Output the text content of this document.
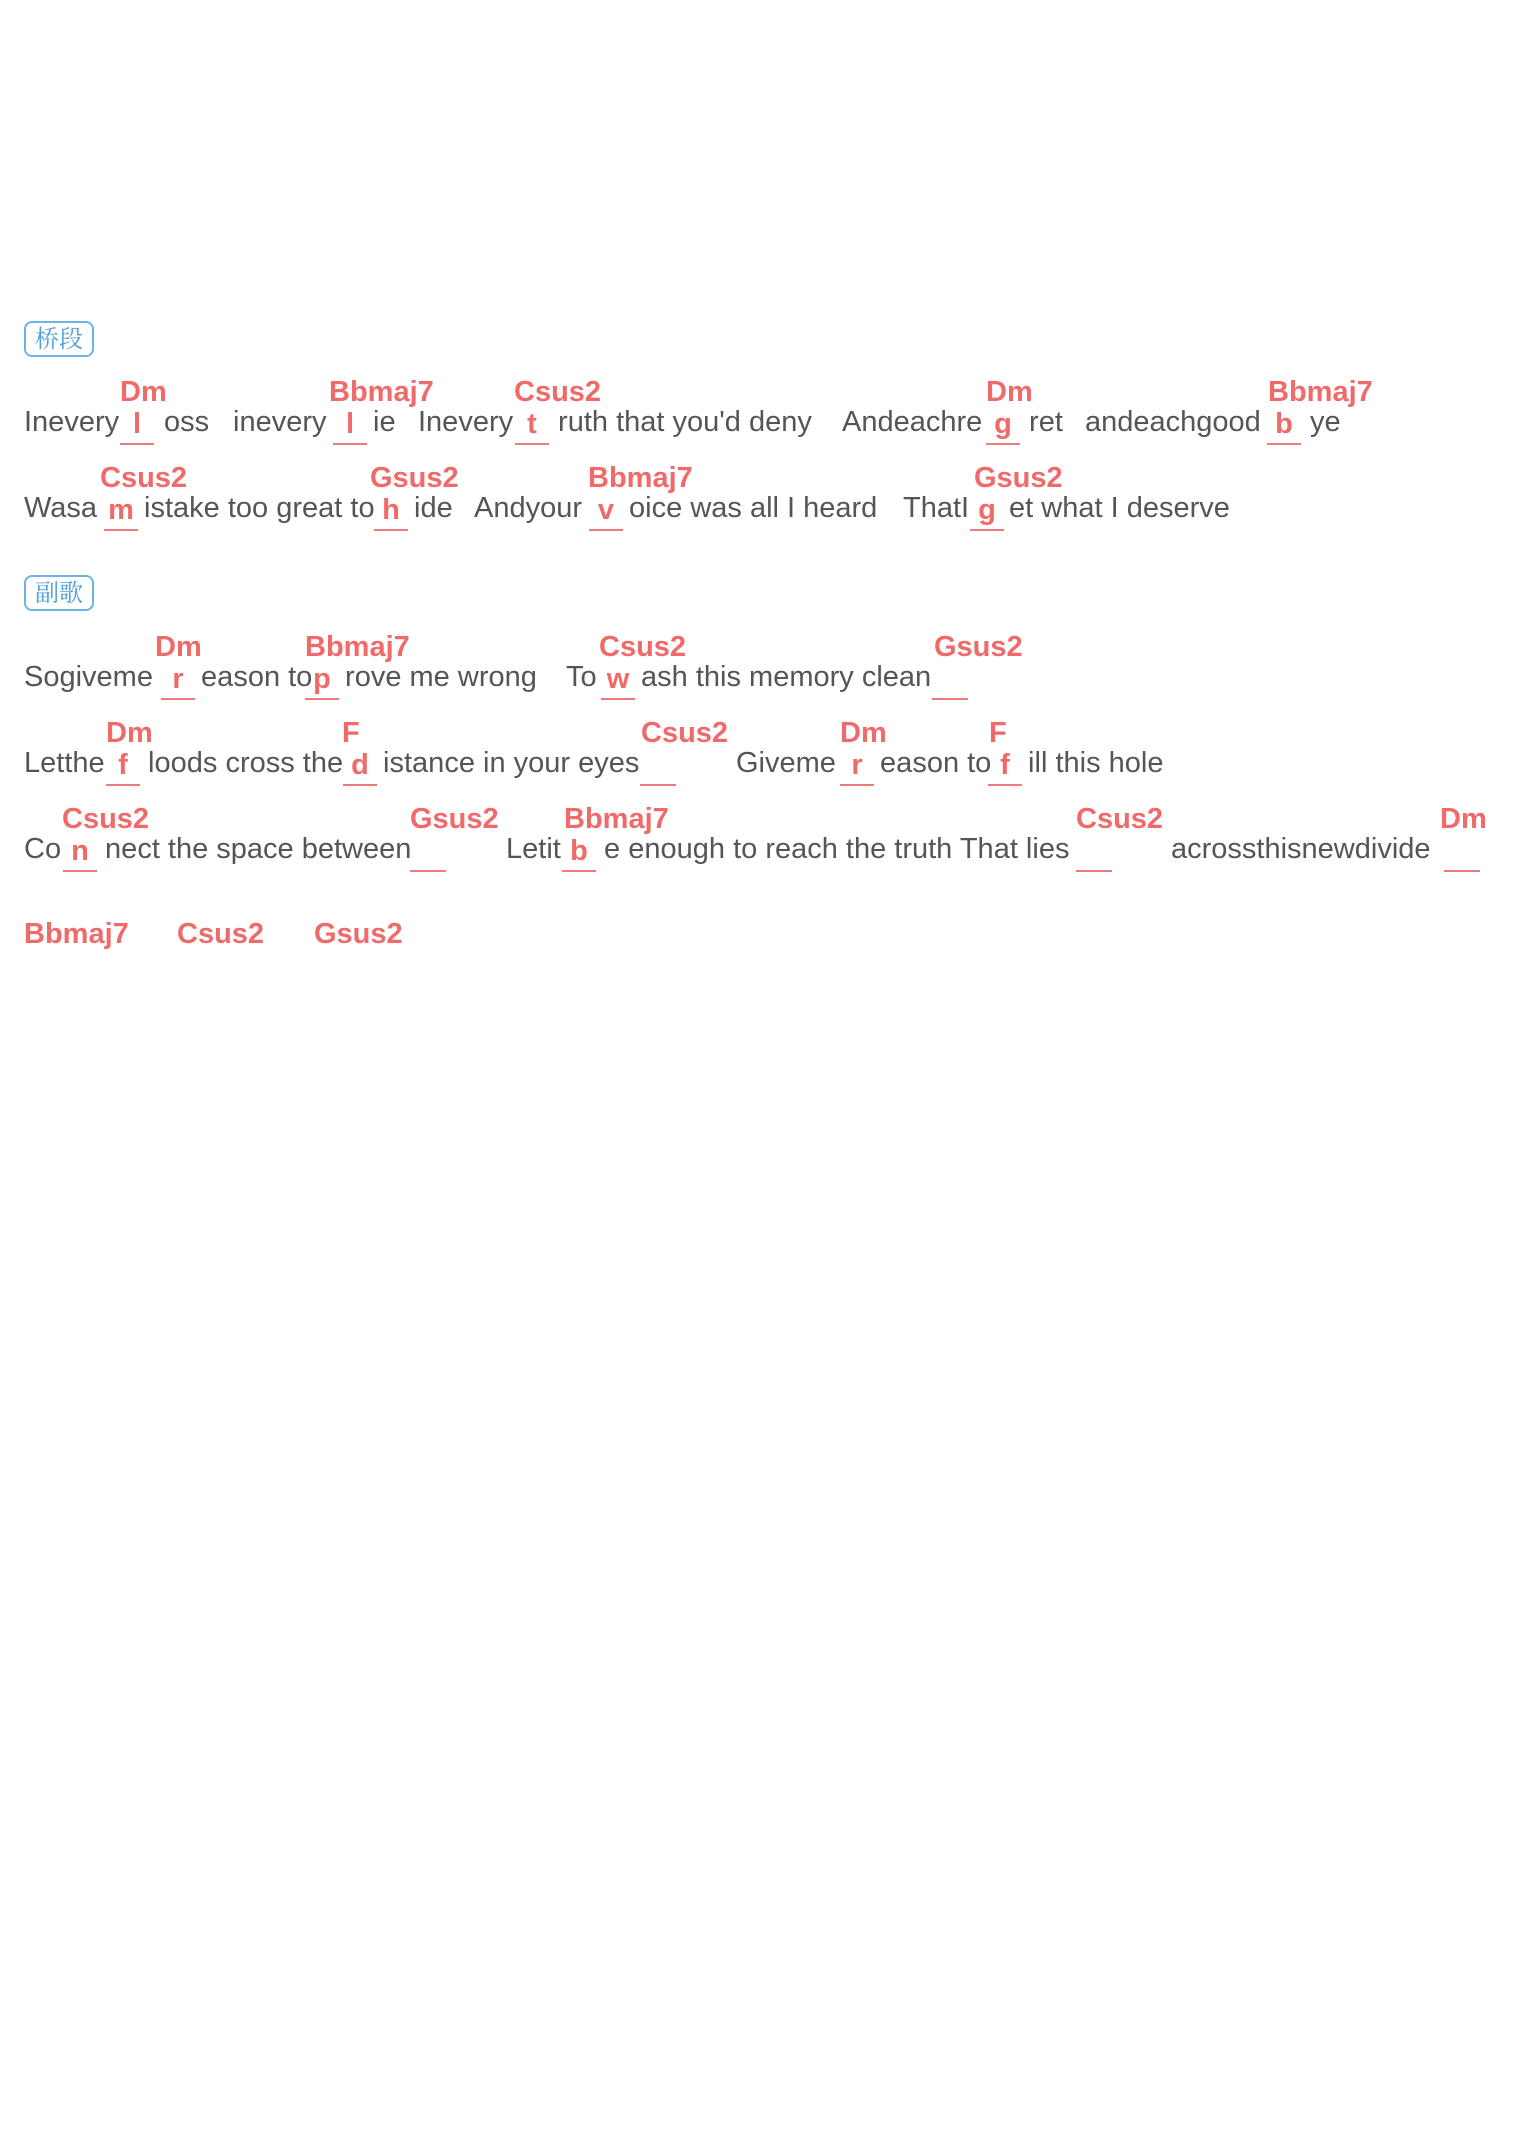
桥段
Inevery l oss
Dm
inevery l ie
Bbmaj7
Inevery t ruth that you'd deny
Csus2
Andeachre g ret
Dm
andeachgood b ye
Bbmaj7
Wasa m istake too great to
Csus2
h ide
Gsus2
Andyour v oice was all I heard
Bbmaj7
ThatI g et what I deserve
Gsus2
副歌
Sogiveme r eason to
Dm
p rove me wrong
Bbmaj7
To w ash this memory clean
Csus2	Gsus2
Letthe f loods cross the
Dm
d istance in your eyes
F	Csus2
Giveme r eason to
Dm
f ill this hole
F
Co n nect the space between
Csus2	Gsus2
Letit b e enough to reach the truth That lies
Bbmaj7	Csus2
acrossthisnewdivide
Dm
Bbmaj7 Csus2 Gsus2
